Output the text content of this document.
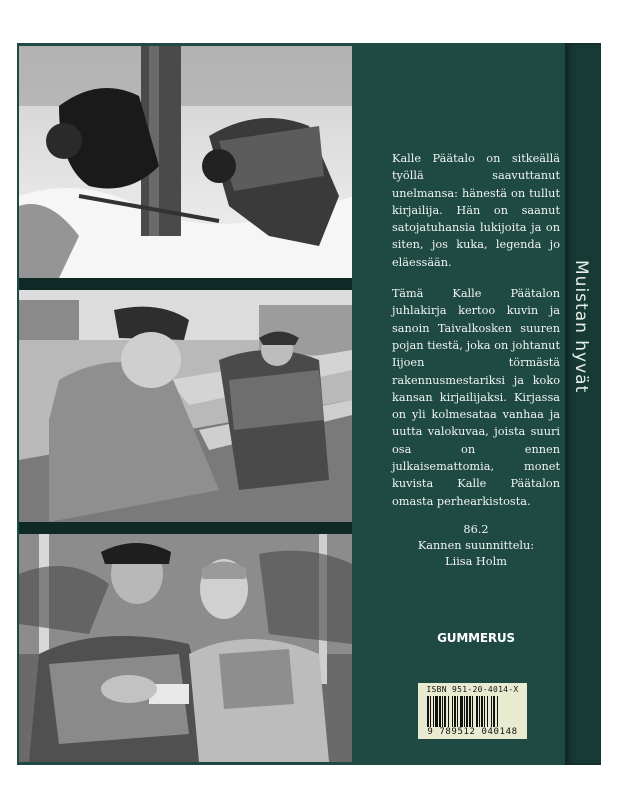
Muistan hyvät

Kalle Päätalo on sitkeällä työllä saavuttanut unelmansa: hänestä on tullut kirjailija. Hän on saanut satojatuhansia lukijoita ja on siten, jos kuka, legenda jo eläessään.

Tämä Kalle Päätalon juhlakirja kertoo kuvin ja sanoin Taivalkosken suuren pojan tiestä, joka on johtanut Iijoen törmästä rakennusmestariksi ja koko kansan kirjailijaksi. Kirjassa on yli kolmesataa vanhaa ja uutta valokuvaa, joista suuri osa on ennen julkaisemattomia, monet kuvista Kalle Päätalon omasta perhearkistosta.

86.2
Kannen suunnittelu:
Liisa Holm
GUMMERUS
ISBN 951-20-4014-X
9 789512 040148
